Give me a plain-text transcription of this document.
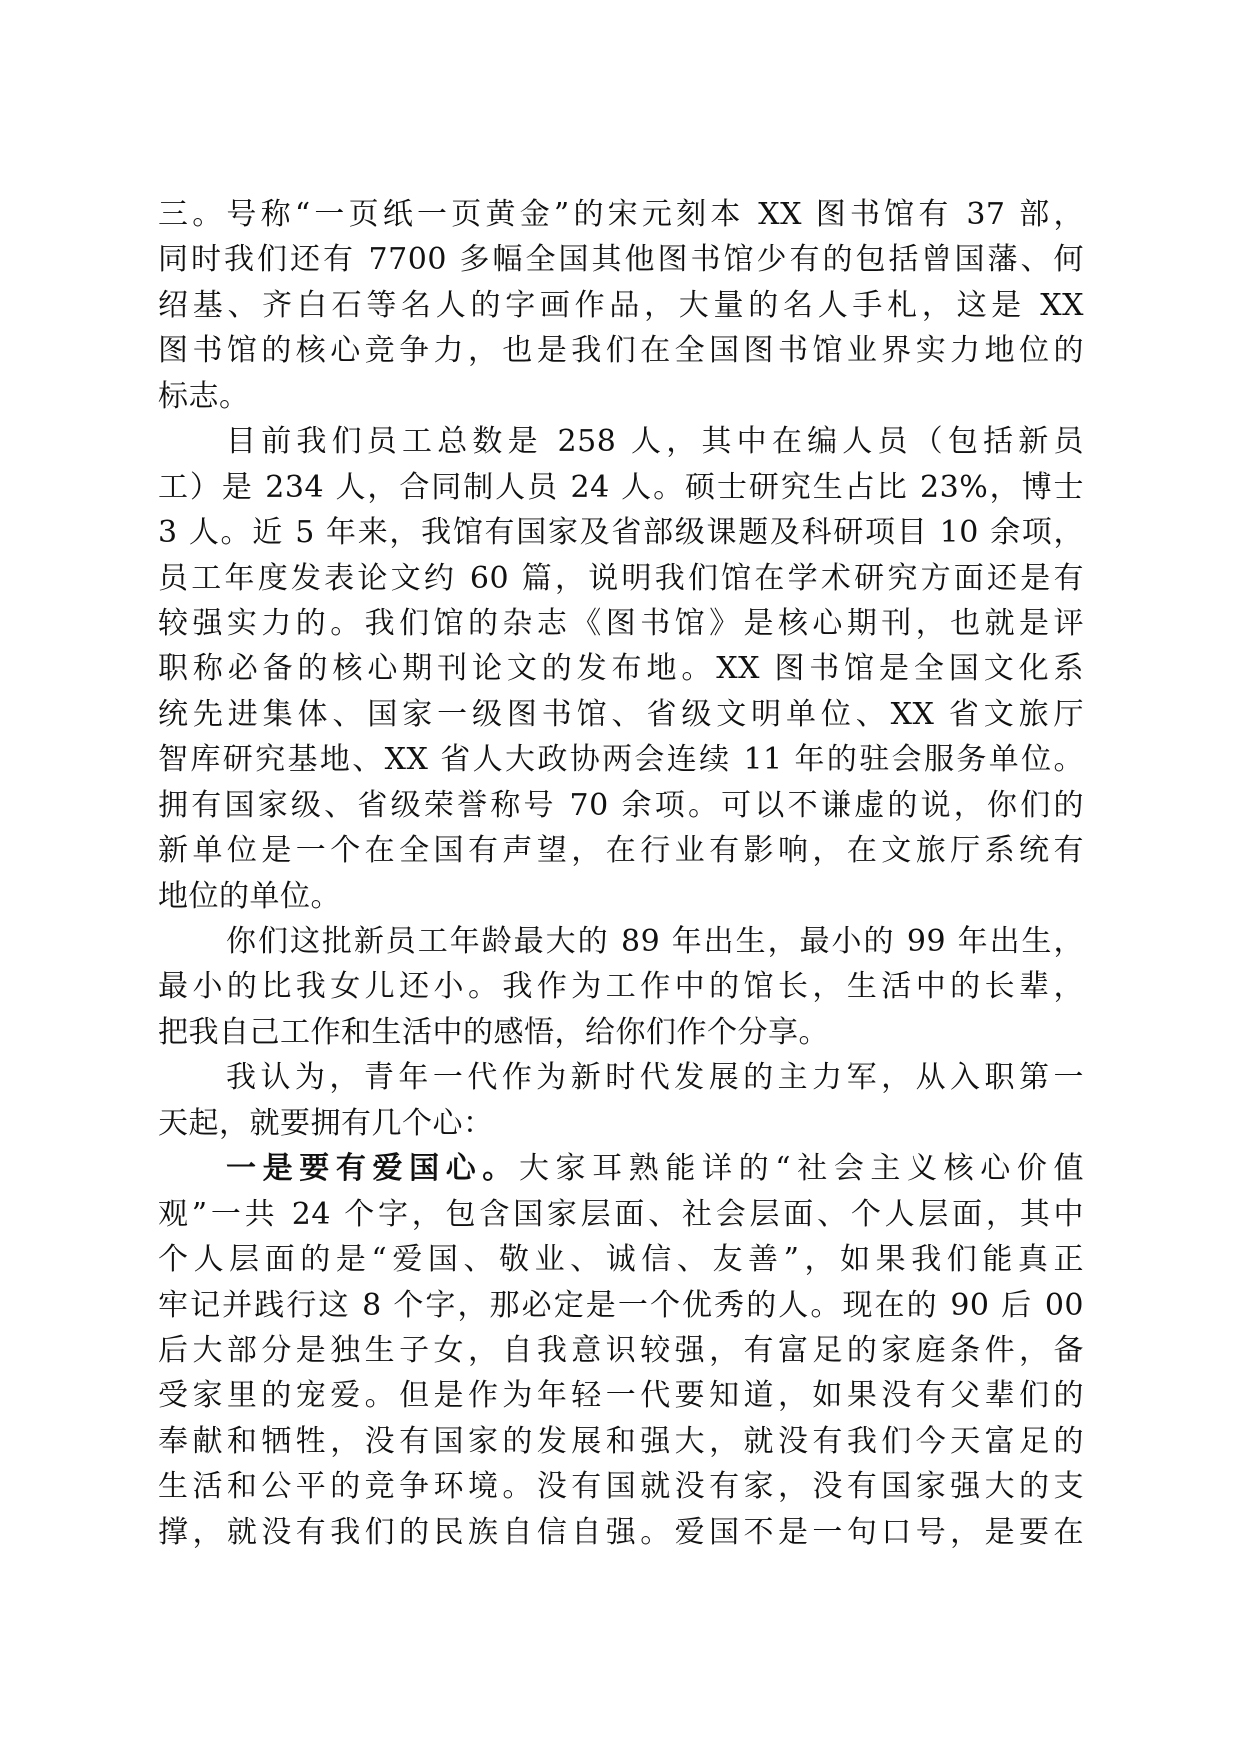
三。号称“一页纸一页黄金”的宋元刻本 XX 图书馆有 37 部，
同时我们还有 7700 多幅全国其他图书馆少有的包括曾国藩、何
绍基、齐白石等名人的字画作品，大量的名人手札，这是 XX
图书馆的核心竞争力，也是我们在全国图书馆业界实力地位的
标志。
目前我们员工总数是 258 人，其中在编人员（包括新员
工）是 234 人，合同制人员 24 人。硕士研究生占比 23%，博士
3 人。近 5 年来，我馆有国家及省部级课题及科研项目 10 余项，
员工年度发表论文约 60 篇，说明我们馆在学术研究方面还是有
较强实力的。我们馆的杂志《图书馆》是核心期刊，也就是评
职称必备的核心期刊论文的发布地。XX 图书馆是全国文化系
统先进集体、国家一级图书馆、省级文明单位、XX 省文旅厅
智库研究基地、XX 省人大政协两会连续 11 年的驻会服务单位。
拥有国家级、省级荣誉称号 70 余项。可以不谦虚的说，你们的
新单位是一个在全国有声望，在行业有影响，在文旅厅系统有
地位的单位。
你们这批新员工年龄最大的 89 年出生，最小的 99 年出生，
最小的比我女儿还小。我作为工作中的馆长，生活中的长辈，
把我自己工作和生活中的感悟，给你们作个分享。
我认为，青年一代作为新时代发展的主力军，从入职第一
天起，就要拥有几个心：
一是要有爱国心。大家耳熟能详的“社会主义核心价值
观”一共 24 个字，包含国家层面、社会层面、个人层面，其中
个人层面的是“爱国、敬业、诚信、友善”，如果我们能真正
牢记并践行这 8 个字，那必定是一个优秀的人。现在的 90 后 00
后大部分是独生子女，自我意识较强，有富足的家庭条件，备
受家里的宠爱。但是作为年轻一代要知道，如果没有父辈们的
奉献和牺牲，没有国家的发展和强大，就没有我们今天富足的
生活和公平的竞争环境。没有国就没有家，没有国家强大的支
撑，就没有我们的民族自信自强。爱国不是一句口号，是要在
